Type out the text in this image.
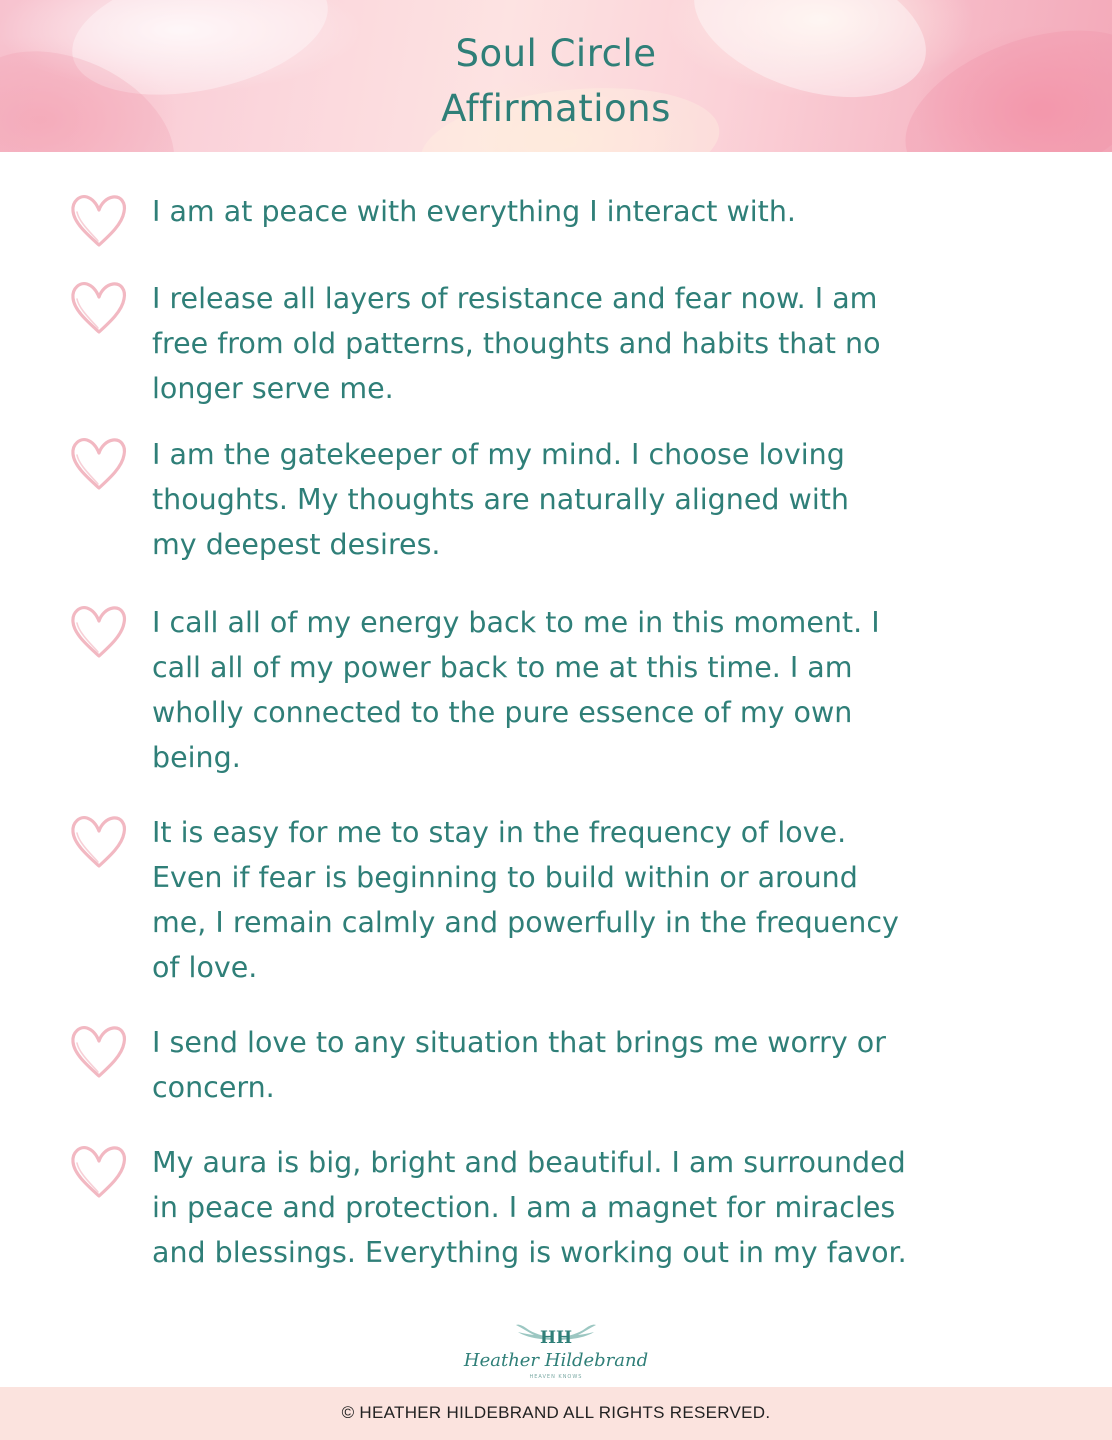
Soul Circle
Affirmations
I am at peace with everything I interact with.
I release all layers of resistance and fear now. I am
free from old patterns, thoughts and habits that no
longer serve me.
I am the gatekeeper of my mind. I choose loving
thoughts. My thoughts are naturally aligned with
my deepest desires.
I call all of my energy back to me in this moment. I
call all of my power back to me at this time. I am
wholly connected to the pure essence of my own
being.
It is easy for me to stay in the frequency of love.
Even if fear is beginning to build within or around
me, I remain calmly and powerfully in the frequency
of love.
I send love to any situation that brings me worry or
concern.
My aura is big, bright and beautiful. I am surrounded
in peace and protection. I am a magnet for miracles
and blessings. Everything is working out in my favor.
HH
Heather Hildebrand
HEAVEN KNOWS
© HEATHER HILDEBRAND ALL RIGHTS RESERVED.
